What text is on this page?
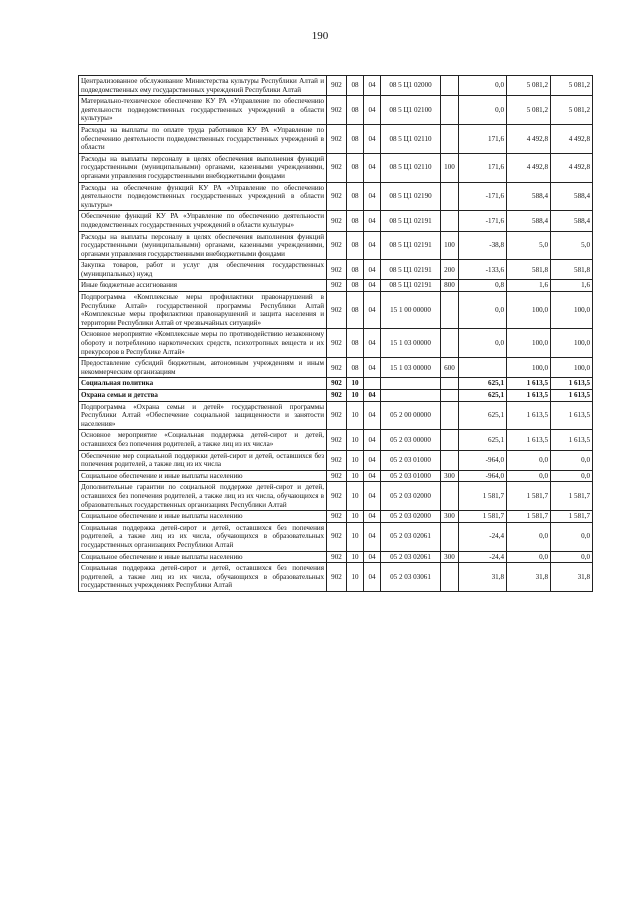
190
Централизованное обслуживание Министерства культуры Республики Алтай и подведомственных ему государственных учреждений Республики Алтай	902	08	04	08 5 Ц1 02000		0,0	5 081,2	5 081,2
Материально-техническое обеспечение КУ РА «Управление по обеспечению деятельности подведомственных государственных учреждений в области культуры»	902	08	04	08 5 Ц1 02100		0,0	5 081,2	5 081,2
Расходы на выплаты по оплате труда работников КУ РА «Управление по обеспечению деятельности подведомственных государственных учреждений в области	902	08	04	08 5 Ц1 02110		171,6	4 492,8	4 492,8
Расходы на выплаты персоналу в целях обеспечения выполнения функций государственными (муниципальными) органами, казенными учреждениями, органами управления государственными внебюджетными фондами	902	08	04	08 5 Ц1 02110	100	171,6	4 492,8	4 492,8
Расходы на обеспечение функций КУ РА «Управление по обеспечению деятельности подведомственных государственных учреждений в области культуры»	902	08	04	08 5 Ц1 02190		-171,6	588,4	588,4
Обеспечение функций КУ РА «Управление по обеспечению деятельности подведомственных государственных учреждений в области культуры»	902	08	04	08 5 Ц1 02191		-171,6	588,4	588,4
Расходы на выплаты персоналу в целях обеспечения выполнения функций государственными (муниципальными) органами, казенными учреждениями, органами управления государственными внебюджетными фондами	902	08	04	08 5 Ц1 02191	100	-38,8	5,0	5,0
Закупка товаров, работ и услуг для обеспечения государственных (муниципальных) нужд	902	08	04	08 5 Ц1 02191	200	-133,6	581,8	581,8
Иные бюджетные ассигнования	902	08	04	08 5 Ц1 02191	800	0,8	1,6	1,6
Подпрограмма «Комплексные меры профилактики правонарушений в Республике Алтай» государственной программы Республики Алтай «Комплексные меры профилактики правонарушений и защита населения и территории Республики Алтай от чрезвычайных ситуаций»	902	08	04	15 1 00 00000		0,0	100,0	100,0
Основное мероприятие «Комплексные меры по противодействию незаконному обороту и потреблению наркотических средств, психотропных веществ и их прекурсоров в Республике Алтай»	902	08	04	15 1 03 00000		0,0	100,0	100,0
Предоставление субсидий бюджетным, автономным учреждениям и иным некоммерческим организациям	902	08	04	15 1 03 00000	600		100,0	100,0
Социальная политика	902	10				625,1	1 613,5	1 613,5
Охрана семьи и детства	902	10	04			625,1	1 613,5	1 613,5
Подпрограмма «Охрана семьи и детей» государственной программы Республики Алтай «Обеспечение социальной защищенности и занятости населения»	902	10	04	05 2 00 00000		625,1	1 613,5	1 613,5
Основное мероприятие «Социальная поддержка детей-сирот и детей, оставшихся без попечения родителей, а также лиц из их числа»	902	10	04	05 2 03 00000		625,1	1 613,5	1 613,5
Обеспечение мер социальной поддержки детей-сирот и детей, оставшихся без попечения родителей, а также лиц из их числа	902	10	04	05 2 03 01000		-964,0	0,0	0,0
Социальное обеспечение и иные выплаты населению	902	10	04	05 2 03 01000	300	-964,0	0,0	0,0
Дополнительные гарантии по социальной поддержке детей-сирот и детей, оставшихся без попечения родителей, а также лиц из их числа, обучающихся в образовательных государственных организациях Республики Алтай	902	10	04	05 2 03 02000		1 581,7	1 581,7	1 581,7
Социальное обеспечение и иные выплаты населению	902	10	04	05 2 03 02000	300	1 581,7	1 581,7	1 581,7
Социальная поддержка детей-сирот и детей, оставшихся без попечения родителей, а также лиц из их числа, обучающихся в образовательных государственных организациях Республики Алтай	902	10	04	05 2 03 02061		-24,4	0,0	0,0
Социальное обеспечение и иные выплаты населению	902	10	04	05 2 03 02061	300	-24,4	0,0	0,0
Социальная поддержка детей-сирот и детей, оставшихся без попечения родителей, а также лиц из их числа, обучающихся в образовательных государственных учреждениях Республики Алтай	902	10	04	05 2 03 03061		31,8	31,8	31,8
